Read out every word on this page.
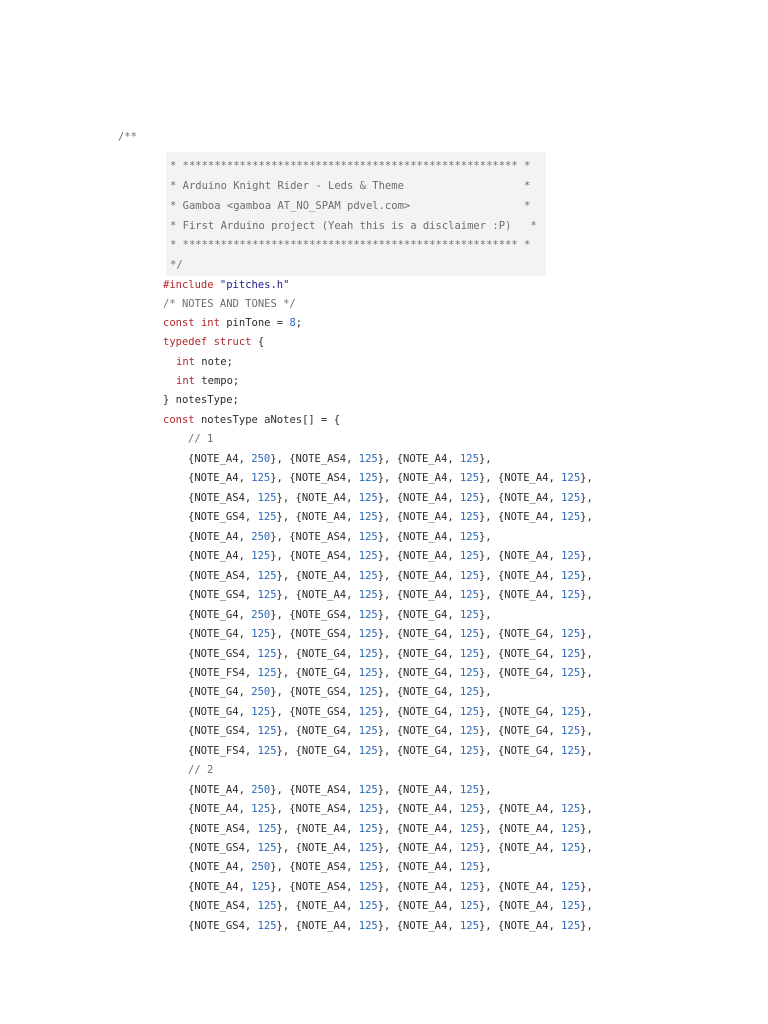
/**
* ***************************************************** *
* Arduino Knight Rider - Leds & Theme                   *
* Gamboa <gamboa AT_NO_SPAM pdvel.com>                  *
* First Arduino project (Yeah this is a disclaimer :P)   *
* ***************************************************** *
*/
#include "pitches.h"
/* NOTES AND TONES */
const int pinTone = 8;
typedef struct {
int note;
int tempo;
} notesType;
const notesType aNotes[] = {
// 1
{NOTE_A4, 250}, {NOTE_AS4, 125}, {NOTE_A4, 125},
{NOTE_A4, 125}, {NOTE_AS4, 125}, {NOTE_A4, 125}, {NOTE_A4, 125},
{NOTE_AS4, 125}, {NOTE_A4, 125}, {NOTE_A4, 125}, {NOTE_A4, 125},
{NOTE_GS4, 125}, {NOTE_A4, 125}, {NOTE_A4, 125}, {NOTE_A4, 125},
{NOTE_A4, 250}, {NOTE_AS4, 125}, {NOTE_A4, 125},
{NOTE_A4, 125}, {NOTE_AS4, 125}, {NOTE_A4, 125}, {NOTE_A4, 125},
{NOTE_AS4, 125}, {NOTE_A4, 125}, {NOTE_A4, 125}, {NOTE_A4, 125},
{NOTE_GS4, 125}, {NOTE_A4, 125}, {NOTE_A4, 125}, {NOTE_A4, 125},
{NOTE_G4, 250}, {NOTE_GS4, 125}, {NOTE_G4, 125},
{NOTE_G4, 125}, {NOTE_GS4, 125}, {NOTE_G4, 125}, {NOTE_G4, 125},
{NOTE_GS4, 125}, {NOTE_G4, 125}, {NOTE_G4, 125}, {NOTE_G4, 125},
{NOTE_FS4, 125}, {NOTE_G4, 125}, {NOTE_G4, 125}, {NOTE_G4, 125},
{NOTE_G4, 250}, {NOTE_GS4, 125}, {NOTE_G4, 125},
{NOTE_G4, 125}, {NOTE_GS4, 125}, {NOTE_G4, 125}, {NOTE_G4, 125},
{NOTE_GS4, 125}, {NOTE_G4, 125}, {NOTE_G4, 125}, {NOTE_G4, 125},
{NOTE_FS4, 125}, {NOTE_G4, 125}, {NOTE_G4, 125}, {NOTE_G4, 125},
// 2
{NOTE_A4, 250}, {NOTE_AS4, 125}, {NOTE_A4, 125},
{NOTE_A4, 125}, {NOTE_AS4, 125}, {NOTE_A4, 125}, {NOTE_A4, 125},
{NOTE_AS4, 125}, {NOTE_A4, 125}, {NOTE_A4, 125}, {NOTE_A4, 125},
{NOTE_GS4, 125}, {NOTE_A4, 125}, {NOTE_A4, 125}, {NOTE_A4, 125},
{NOTE_A4, 250}, {NOTE_AS4, 125}, {NOTE_A4, 125},
{NOTE_A4, 125}, {NOTE_AS4, 125}, {NOTE_A4, 125}, {NOTE_A4, 125},
{NOTE_AS4, 125}, {NOTE_A4, 125}, {NOTE_A4, 125}, {NOTE_A4, 125},
{NOTE_GS4, 125}, {NOTE_A4, 125}, {NOTE_A4, 125}, {NOTE_A4, 125},
